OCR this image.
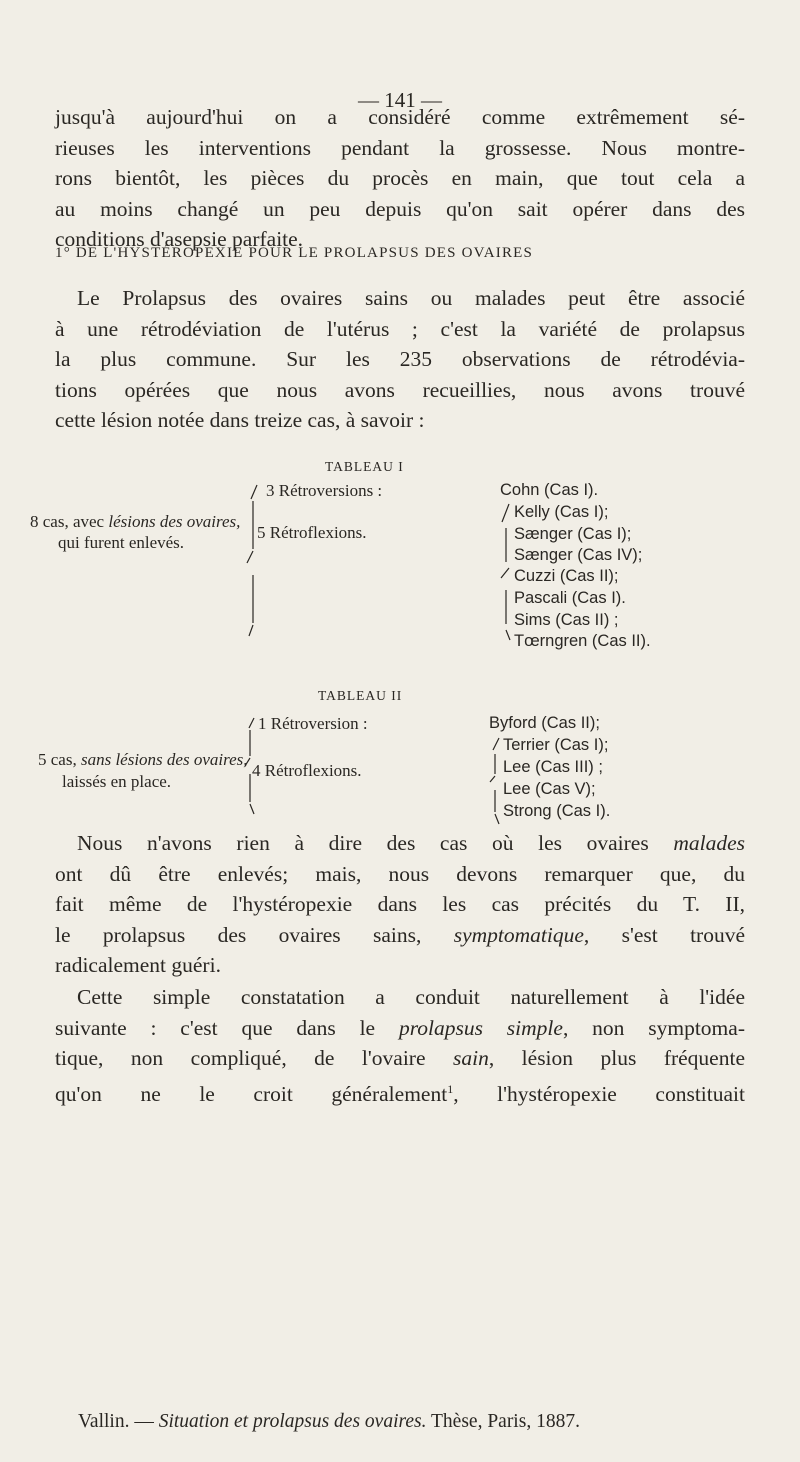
— 141 —
jusqu'à aujourd'hui on a considéré comme extrêmement sé-
rieuses les interventions pendant la grossesse. Nous montre-
rons bientôt, les pièces du procès en main, que tout cela a
au moins changé un peu depuis qu'on sait opérer dans des
conditions d'asepsie parfaite.
1° DE L'HYSTÉROPEXIE POUR LE PROLAPSUS DES OVAIRES
Le Prolapsus des ovaires sains ou malades peut être associé
à une rétrodéviation de l'utérus ; c'est la variété de prolapsus
la plus commune. Sur les 235 observations de rétrodévia-
tions opérées que nous avons recueillies, nous avons trouvé
cette lésion notée dans treize cas, à savoir :
TABLEAU I
8 cas, avec lésions des ovaires,
qui furent enlevés.
3 Rétroversions :
5 Rétroflexions.
Cohn (Cas I).
Kelly (Cas I);
Sænger (Cas I);
Sænger (Cas IV);
Cuzzi (Cas II);
Pascali (Cas I).
Sims (Cas II) ;
Tœrngren (Cas II).
TABLEAU II
5 cas, sans lésions des ovaires,
laissés en place.
1 Rétroversion :
4 Rétroflexions.
Byford (Cas II);
Terrier (Cas I);
Lee (Cas III) ;
Lee (Cas V);
Strong (Cas I).
Nous n'avons rien à dire des cas où les ovaires malades
ont dû être enlevés; mais, nous devons remarquer que, du
fait même de l'hystéropexie dans les cas précités du T. II,
le prolapsus des ovaires sains, symptomatique, s'est trouvé
radicalement guéri.
Cette simple constatation a conduit naturellement à l'idée
suivante : c'est que dans le prolapsus simple, non symptoma-
tique, non compliqué, de l'ovaire sain, lésion plus fréquente
qu'on ne le croit généralement$^1$, l'hystéropexie constituait
Vallin. — Situation et prolapsus des ovaires. Thèse, Paris, 1887.
